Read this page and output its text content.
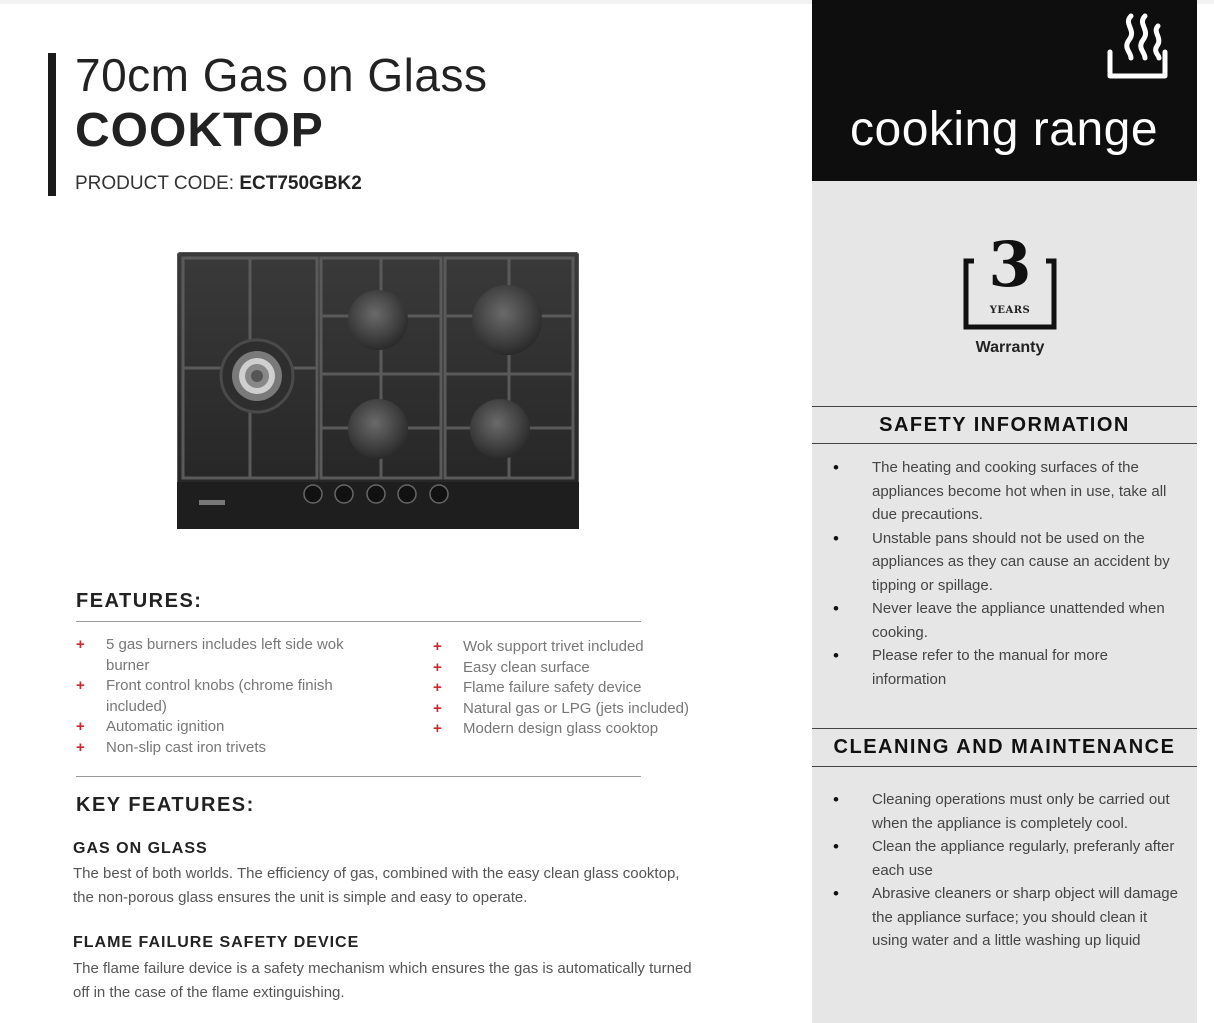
70cm Gas on Glass
COOKTOP
PRODUCT CODE: ECT750GBK2
FEATURES:
+ 5 gas burners includes left side wok burner
+ Front control knobs (chrome finish included)
+ Automatic ignition
+ Non-slip cast iron trivets
+ Wok support trivet included
+ Easy clean surface
+ Flame failure safety device
+ Natural gas or LPG (jets included)
+ Modern design glass cooktop
KEY FEATURES:
GAS ON GLASS
The best of both worlds. The efficiency of gas, combined with the easy clean glass cooktop, the non-porous glass ensures the unit is simple and easy to operate.
FLAME FAILURE SAFETY DEVICE
The flame failure device is a safety mechanism which ensures the gas is automatically turned off in the case of the flame extinguishing.
cooking range
3
YEARS
Warranty
SAFETY INFORMATION
• The heating and cooking surfaces of the appliances become hot when in use, take all due precautions.
• Unstable pans should not be used on the appliances as they can cause an accident by tipping or spillage.
• Never leave the appliance unattended when cooking.
• Please refer to the manual for more information
CLEANING AND MAINTENANCE
• Cleaning operations must only be carried out when the appliance is completely cool.
• Clean the appliance regularly, preferanly after each use
• Abrasive cleaners or sharp object will damage the appliance surface; you should clean it using water and a little washing up liquid
